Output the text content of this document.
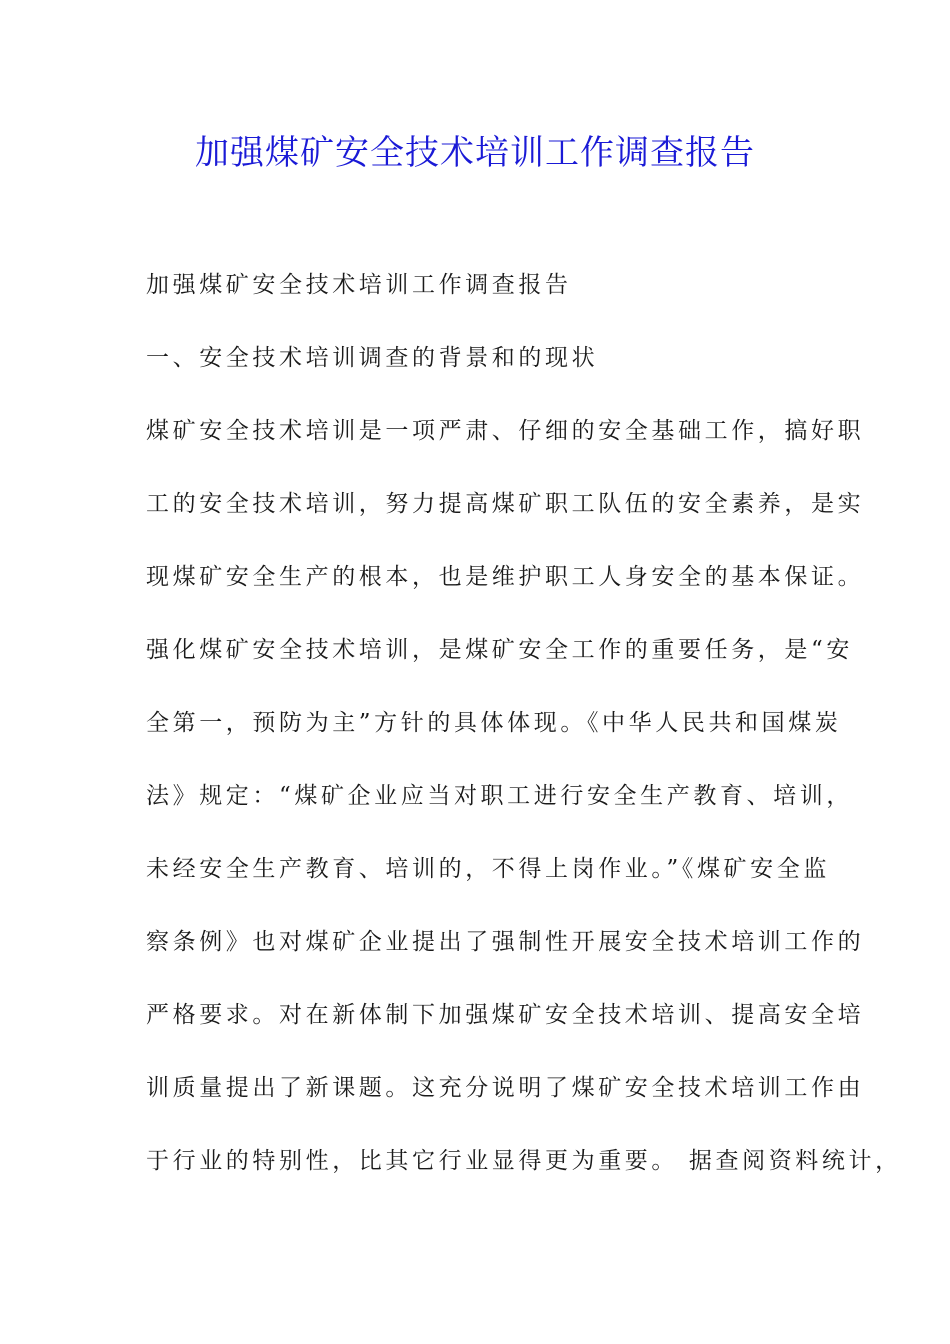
加强煤矿安全技术培训工作调查报告
加强煤矿安全技术培训工作调查报告
一、安全技术培训调查的背景和的现状
煤矿安全技术培训是一项严肃、仔细的安全基础工作，搞好职
工的安全技术培训，努力提高煤矿职工队伍的安全素养，是实
现煤矿安全生产的根本，也是维护职工人身安全的基本保证。
强化煤矿安全技术培训，是煤矿安全工作的重要任务，是“安
全第一，预防为主”方针的具体体现。《中华人民共和国煤炭
法》规定：“煤矿企业应当对职工进行安全生产教育、培训，
未经安全生产教育、培训的，不得上岗作业。”《煤矿安全监
察条例》也对煤矿企业提出了强制性开展安全技术培训工作的
严格要求。对在新体制下加强煤矿安全技术培训、提高安全培
训质量提出了新课题。这充分说明了煤矿安全技术培训工作由
于行业的特别性，比其它行业显得更为重要。 据查阅资料统计，
